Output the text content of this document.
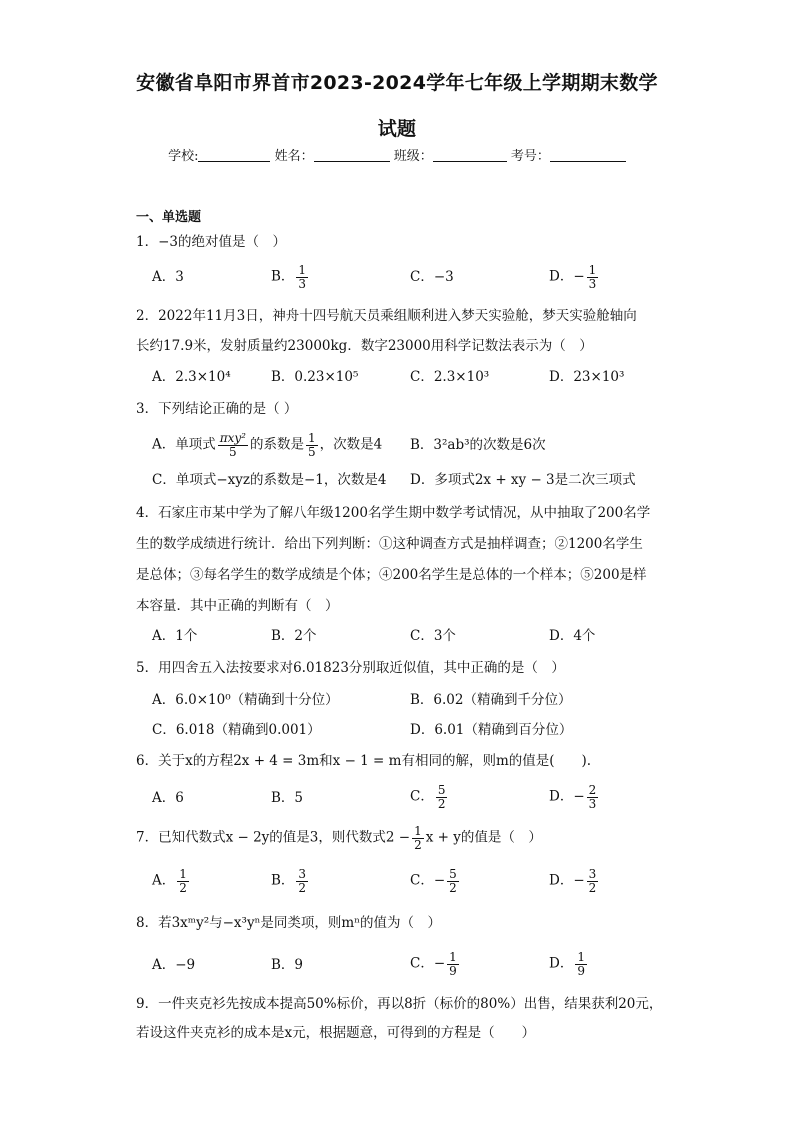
安徽省阜阳市界首市2023-2024学年七年级上学期期末数学
试题
学校:	姓名：	班级：	考号：
一、单选题
1．−3的绝对值是（　）
A．3	B． $\frac{1}{3}$	C．−3	D．− $\frac{1}{3}$
2．2022年11月3日，神舟十四号航天员乘组顺利进入梦天实验舱，梦天实验舱轴向
长约17.9米，发射质量约23000kg．数字23000用科学记数法表示为（　）
A．2.3×10⁴	B．0.23×10⁵	C．2.3×10³	D．23×10³
3．下列结论正确的是（ ）
A．单项式 $\frac{\text{πxy²}}{5}$ 的系数是 $\frac{1}{5}$ ，次数是4 B．3²ab³的次数是6次
C．单项式−xyz的系数是−1，次数是4 D．多项式2x + xy − 3是二次三项式
4．石家庄市某中学为了解八年级1200名学生期中数学考试情况，从中抽取了200名学
生的数学成绩进行统计．给出下列判断：①这种调查方式是抽样调查；②1200名学生
是总体；③每名学生的数学成绩是个体；④200名学生是总体的一个样本；⑤200是样
本容量．其中正确的判断有（　）
A．1个	B．2个	C．3个	D．4个
5．用四舍五入法按要求对6.01823分别取近似值，其中正确的是（　）
A．6.0×10⁰（精确到十分位）	B．6.02（精确到千分位）
C．6.018（精确到0.001）	D．6.01（精确到百分位）
6．关于x的方程2x + 4 = 3m和x − 1 = m有相同的解，则m的值是(　　).
A．6	B．5	C． $\frac{5}{2}$	D．− $\frac{2}{3}$
7．已知代数式x − 2y的值是3，则代数式$2 - \frac{1}{2}$ x + y的值是（　）
A． $\frac{1}{2}$	B． $\frac{3}{2}$	C．− $\frac{5}{2}$	D．− $\frac{3}{2}$
8．若3xᵐy²与−x³yⁿ是同类项，则mⁿ的值为（　）
A．−9	B．9	C．− $\frac{1}{9}$	D． $\frac{1}{9}$
9．一件夹克衫先按成本提高50%标价，再以8折（标价的80%）出售，结果获利20元，
若设这件夹克衫的成本是x元，根据题意，可得到的方程是（　　）
